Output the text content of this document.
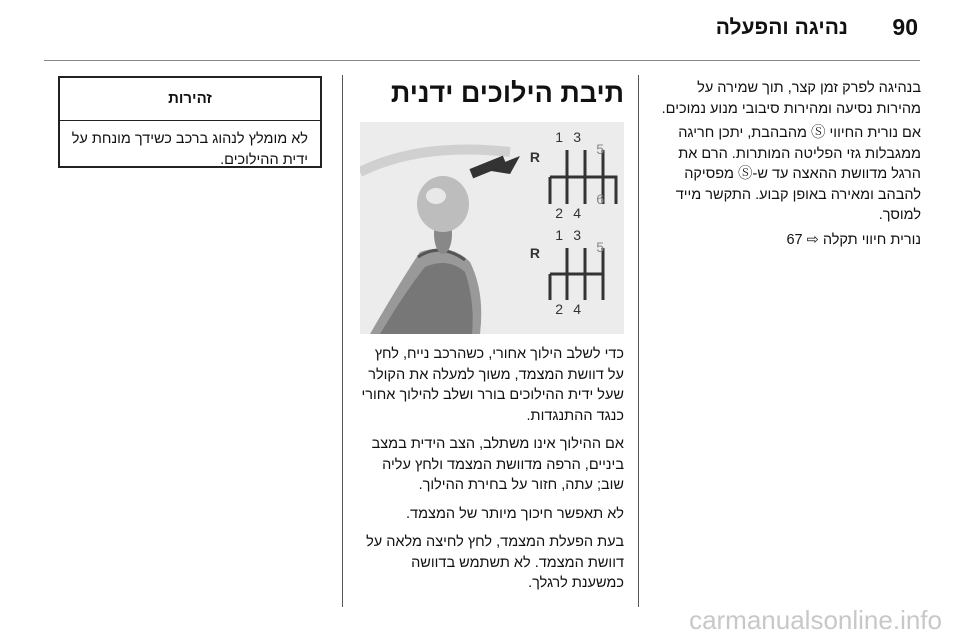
90
נהיגה והפעלה

בנהיגה לפרק זמן קצר, תוך שמירה על מהירות נסיעה ומהירות סיבובי מנוע נמוכים.

אם נורית החיווי Ⓢ מהבהבת, יתכן חריגה ממגבלות גזי הפליטה המותרות. הרם את הרגל מדוושת ההאצה עד ש-Ⓢ מפסיקה להבהב ומאירה באופן קבוע. התקשר מייד למוסך.

נורית חיווי תקלה ⇨ 67

תיבת הילוכים ידנית
1 3
5
R
2 4
6
1 3
5
R
2 4

כדי לשלב הילוך אחורי, כשהרכב נייח, לחץ על דוושת המצמד, משוך למעלה את הקולר שעל ידית ההילוכים בורר ושלב להילוך אחורי כנגד ההתנגדות.

אם ההילוך אינו משתלב, הצב הידית במצב ביניים, הרפה מדוושת המצמד ולחץ עליה שוב; עתה, חזור על בחירת ההילוך.

לא תאפשר חיכוך מיותר של המצמד.

בעת הפעלת המצמד, לחץ לחיצה מלאה על דוושת המצמד. לא תשתמש בדוושה כמשענת לרגלך.

זהירות
לא מומלץ לנהוג ברכב כשידך מונחת על ידית ההילוכים.
carmanualsonline.info
